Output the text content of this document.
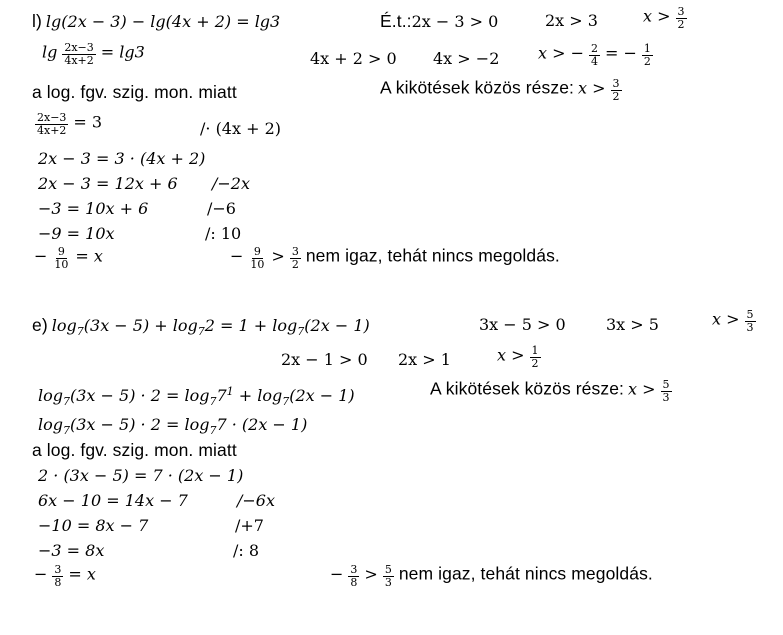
l) lg(2x − 3) − lg(4x + 2) = lg3	É.t.:2x − 3 > 0	2x > 3	$x > \frac{3}{2}$
$\lg \frac{2x-3}{4x+2} = \lg 3$	4x + 2 > 0 4x > −2 x > − $\frac{2}{4}$ = − $\frac{1}{2}$
a log. fgv. szig. mon. miatt	A kikötések közös része: $x > \frac{3}{2}$
$\frac{2x-3}{4x+2} = 3$	/· (4x + 2)
2x − 3 = 3 · (4x + 2)
2x − 3 = 12x + 6 /−2x
−3 = 10x + 6	/−6
−9 = 10x	/: 10
− $\frac{9}{10} = x$	− $\frac{9}{10} > \frac{3}{2}$ nem igaz, tehát nincs megoldás.
e) $\log_7(3x - 5) + \log_72 = 1 + \log_7(2x - 1)$	3x − 5 > 0	3x > 5	$x > \frac{5}{3}$
2x − 1 > 0 2x > 1	$x > \frac{1}{2}$
$\log_7(3x - 5) \cdot 2 = \log_77^1 + \log_7(2x - 1)$	A kikötések közös része: $x > \frac{5}{3}$
$\log_7(3x - 5) \cdot 2 = \log_77 \cdot (2x - 1)$
a log. fgv. szig. mon. miatt
2 · (3x − 5) = 7 · (2x − 1)
6x − 10 = 14x − 7	/−6x
−10 = 8x − 7	/+7
−3 = 8x	/: 8
− $\frac{3}{8} = x$	− $\frac{3}{8} > \frac{5}{3}$ nem igaz, tehát nincs megoldás.
